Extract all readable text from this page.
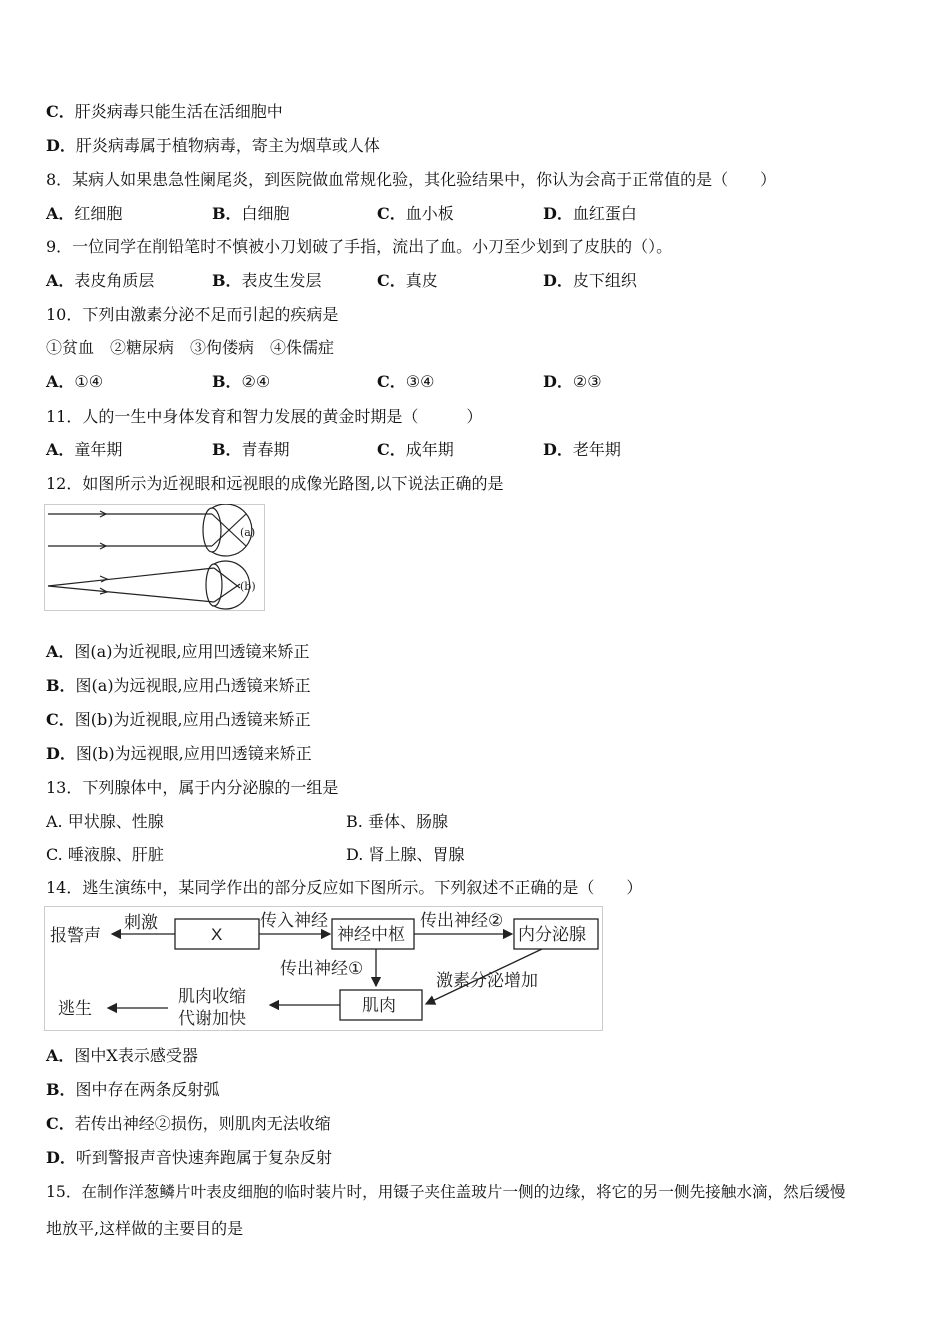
C．肝炎病毒只能生活在活细胞中
D．肝炎病毒属于植物病毒，寄主为烟草或人体
8．某病人如果患急性阑尾炎，到医院做血常规化验，其化验结果中，你认为会高于正常值的是（　　）
A．红细胞	B．白细胞	C．血小板	D．血红蛋白
9．一位同学在削铅笔时不慎被小刀划破了手指，流出了血。小刀至少划到了皮肤的（）。
A．表皮角质层	B．表皮生发层	C．真皮	D．皮下组织
10．下列由激素分泌不足而引起的疾病是
①贫血　②糖尿病　③佝偻病　④侏儒症
A．①④	B．②④	C．③④	D．②③
11．人的一生中身体发育和智力发展的黄金时期是（　　　）
A．童年期	B．青春期	C．成年期	D．老年期
12．如图所示为近视眼和远视眼的成像光路图,以下说法正确的是
(a)
(b)
A．图(a)为近视眼,应用凹透镜来矫正
B．图(a)为远视眼,应用凸透镜来矫正
C．图(b)为近视眼,应用凸透镜来矫正
D．图(b)为远视眼,应用凹透镜来矫正
13．下列腺体中，属于内分泌腺的一组是
A. 甲状腺、性腺	B. 垂体、肠腺
C. 唾液腺、肝脏	D. 肾上腺、胃腺
14．逃生演练中，某同学作出的部分反应如下图所示。下列叙述不正确的是（　　）
报警声
刺激
X
传入神经
神经中枢
传出神经②
内分泌腺
传出神经①
激素分泌增加
肌肉
肌肉收缩
代谢加快
逃生
A．图中X表示感受器
B．图中存在两条反射弧
C．若传出神经②损伤，则肌肉无法收缩
D．听到警报声音快速奔跑属于复杂反射
15．在制作洋葱鳞片叶表皮细胞的临时装片时，用镊子夹住盖玻片一侧的边缘，将它的另一侧先接触水滴，然后缓慢
地放平,这样做的主要目的是
